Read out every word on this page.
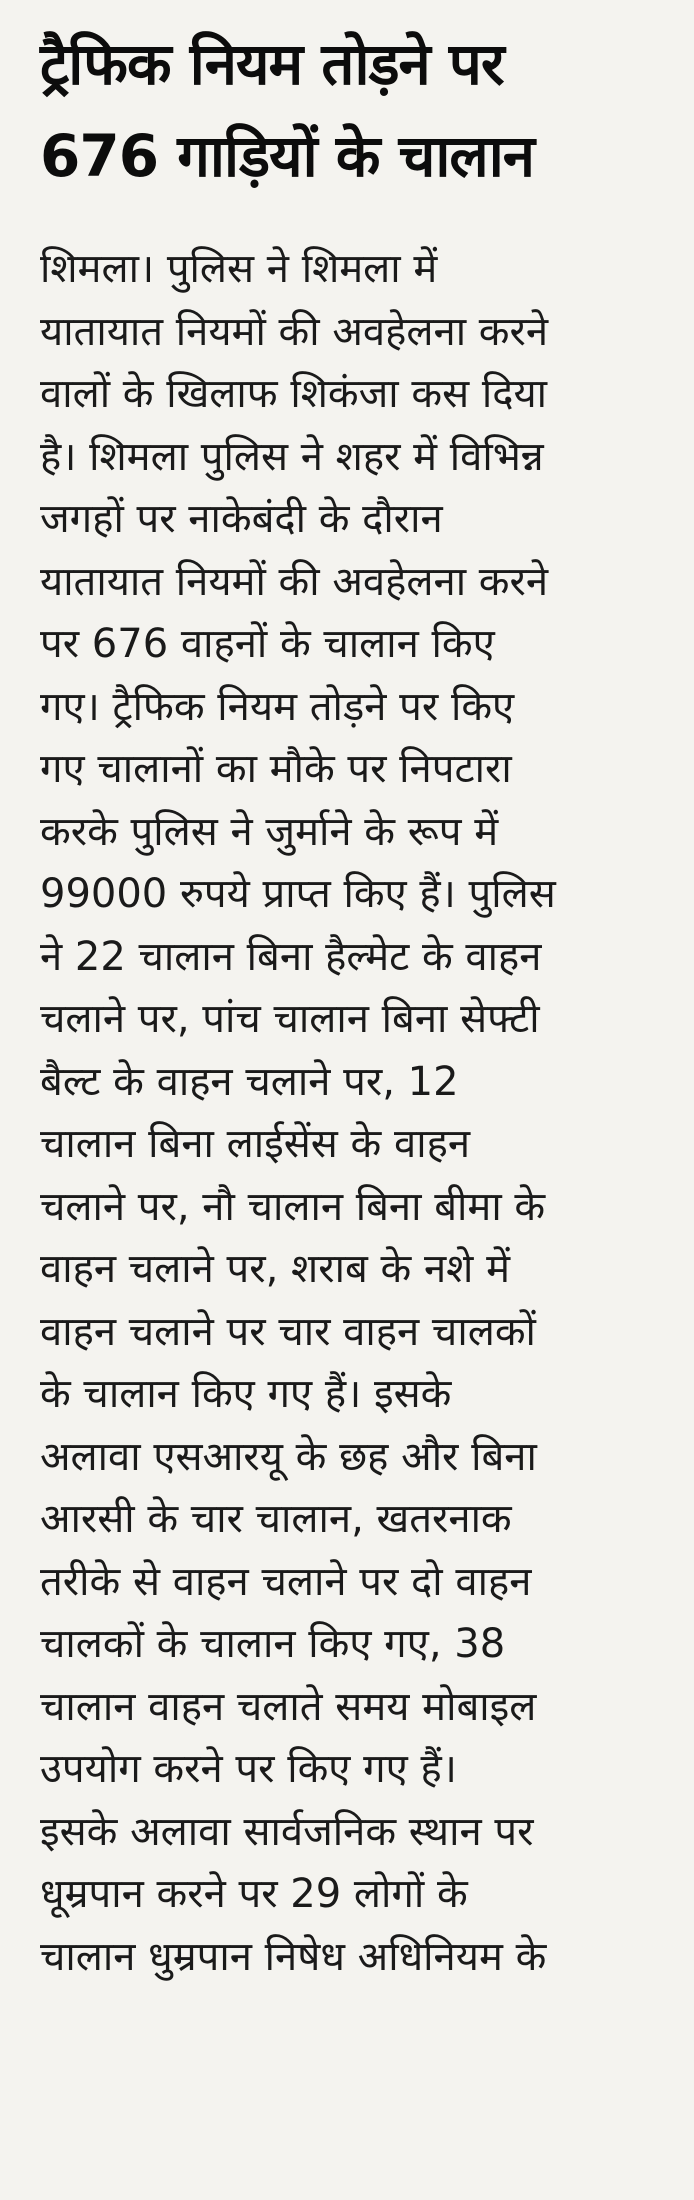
ट्रैफिक नियम तोड़ने पर
676 गाड़ियों के चालान
शिमला। पुलिस ने शिमला में
यातायात नियमों की अवहेलना करने
वालों के खिलाफ शिकंजा कस दिया
है। शिमला पुलिस ने शहर में विभिन्न
जगहों पर नाकेबंदी के दौरान
यातायात नियमों की अवहेलना करने
पर 676 वाहनों के चालान किए
गए। ट्रैफिक नियम तोड़ने पर किए
गए चालानों का मौके पर निपटारा
करके पुलिस ने जुर्माने के रूप में
99000 रुपये प्राप्त किए हैं। पुलिस
ने 22 चालान बिना हैल्मेट के वाहन
चलाने पर, पांच चालान बिना सेफ्टी
बैल्ट के वाहन चलाने पर, 12
चालान बिना लाईसेंस के वाहन
चलाने पर, नौ चालान बिना बीमा के
वाहन चलाने पर, शराब के नशे में
वाहन चलाने पर चार वाहन चालकों
के चालान किए गए हैं। इसके
अलावा एसआरयू के छह और बिना
आरसी के चार चालान, खतरनाक
तरीके से वाहन चलाने पर दो वाहन
चालकों के चालान किए गए, 38
चालान वाहन चलाते समय मोबाइल
उपयोग करने पर किए गए हैं।
इसके अलावा सार्वजनिक स्थान पर
धूम्रपान करने पर 29 लोगों के
चालान धुम्रपान निषेध अधिनियम के
